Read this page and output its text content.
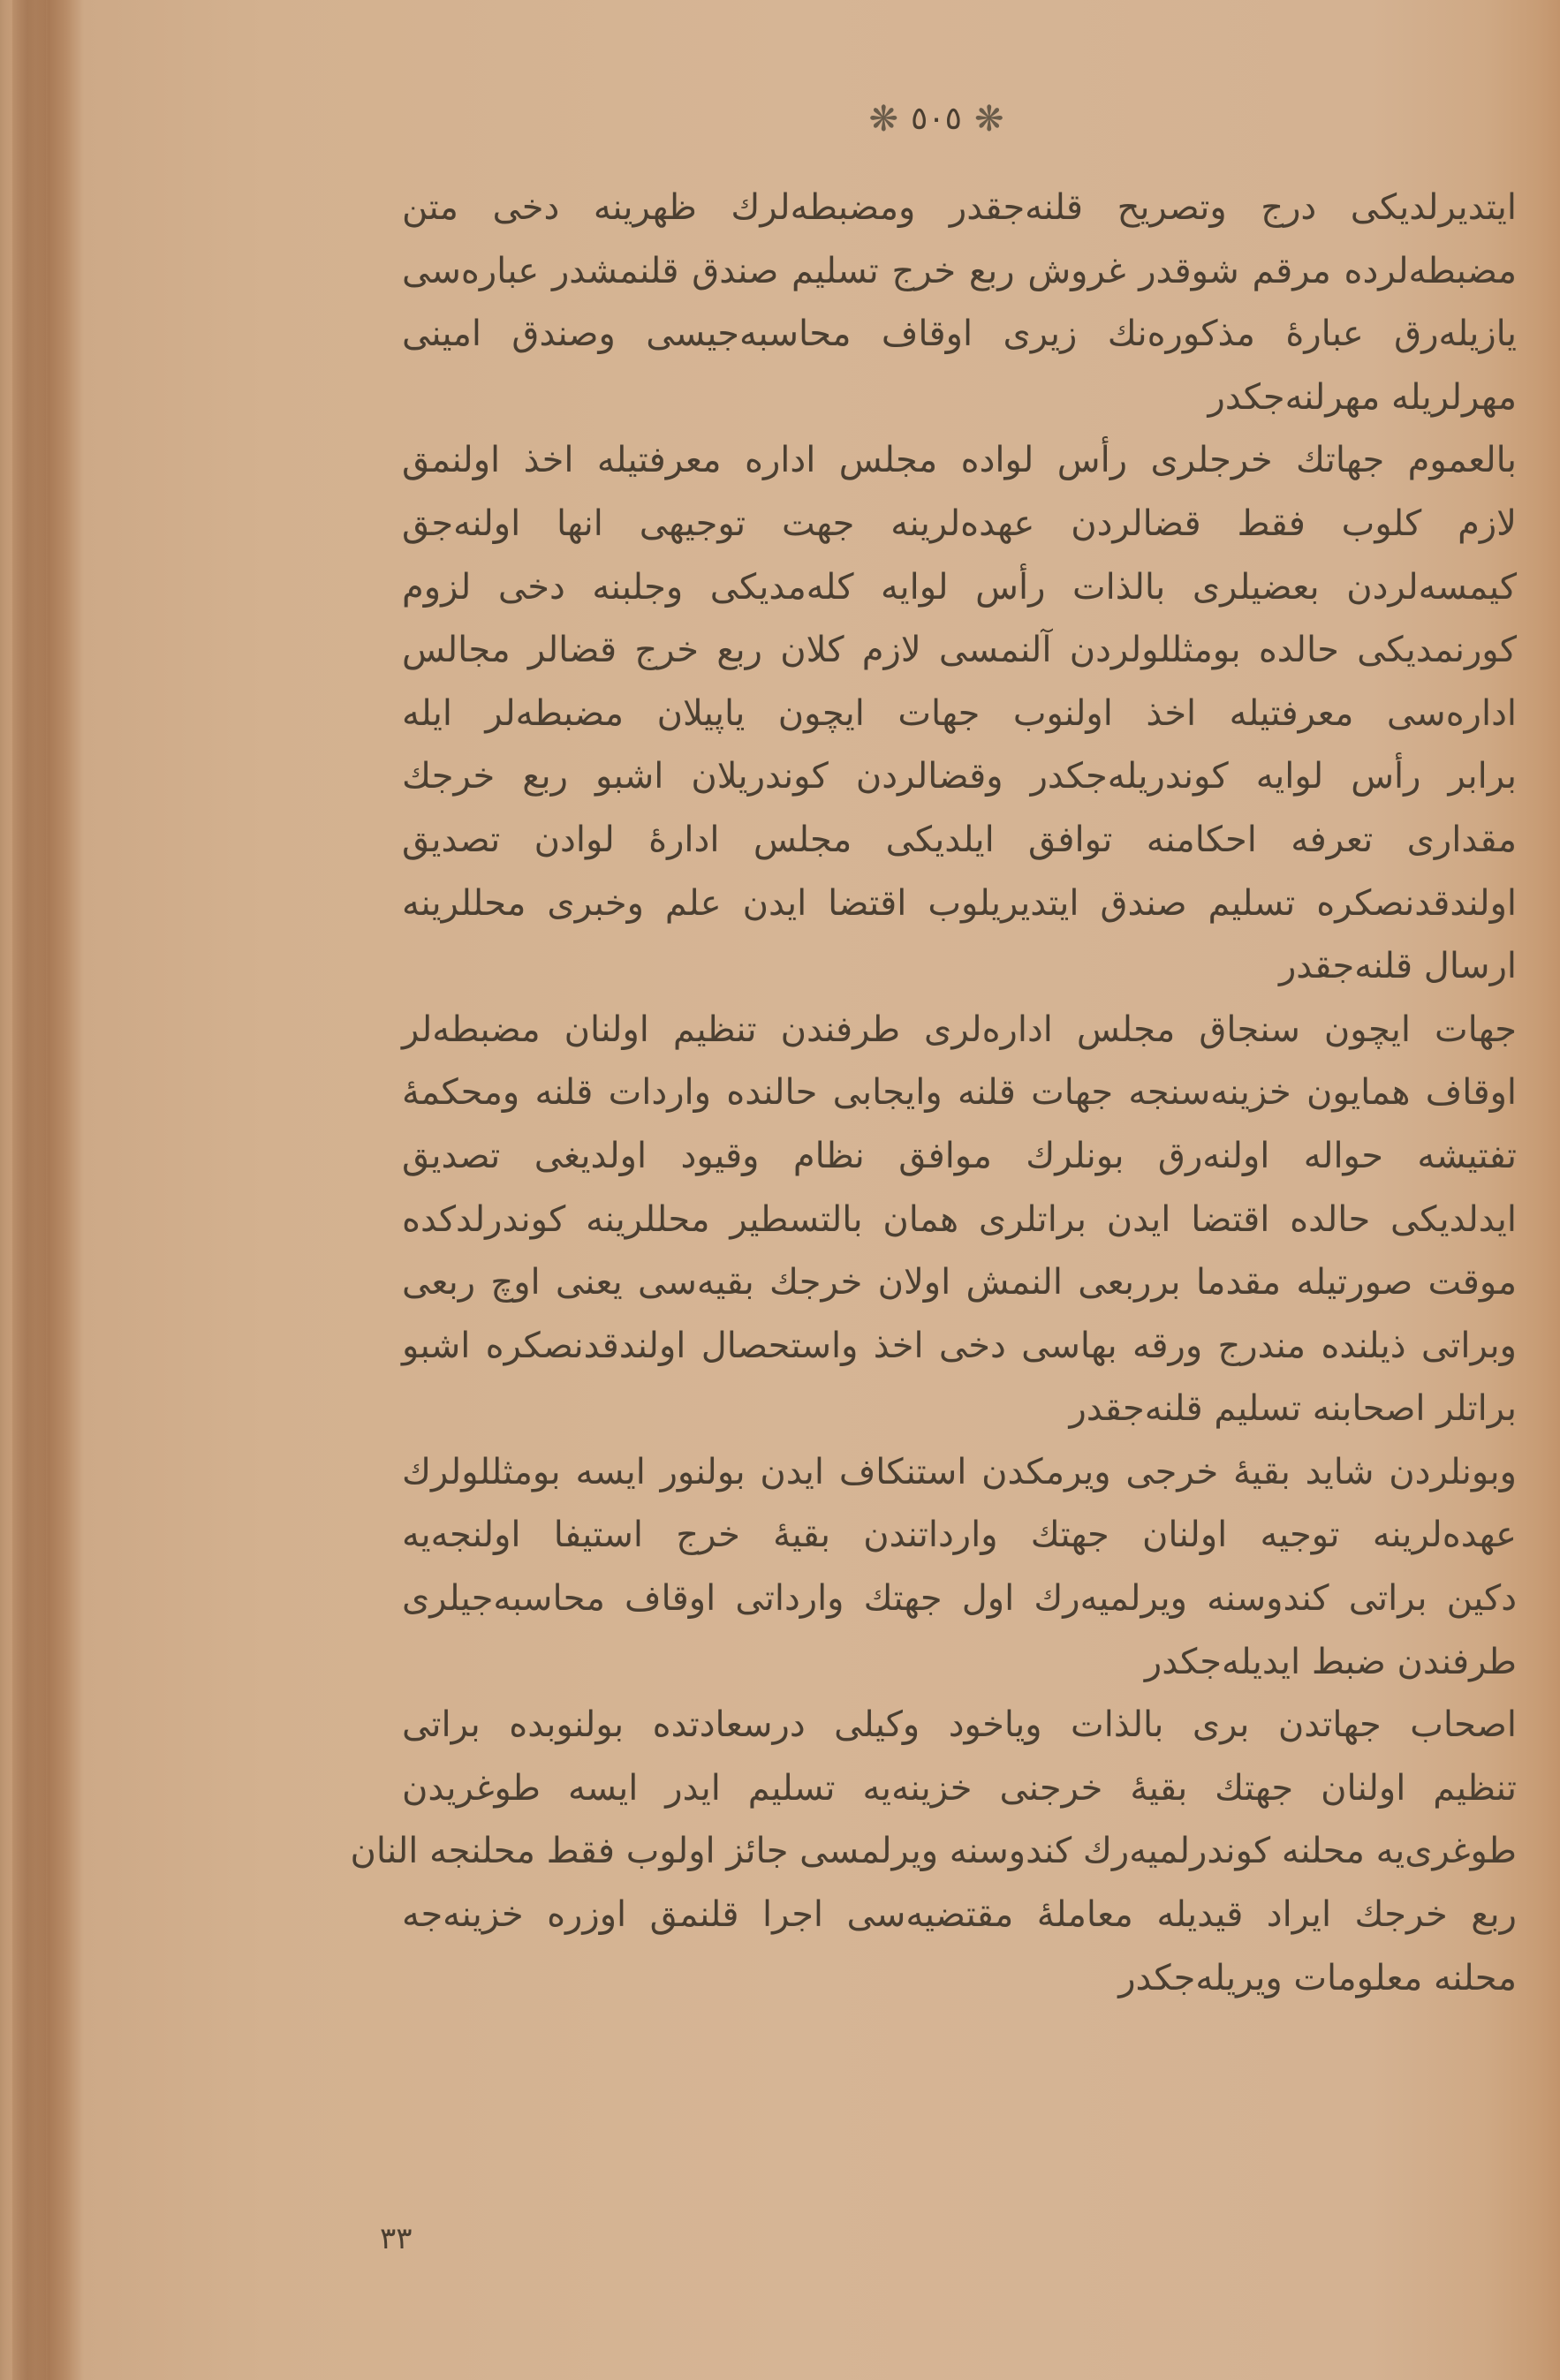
❋
٥٠٥
❋
ایتدیرلدیکی درج وتصریح قلنه‌جقدر ومضبطه‌لرك ظهرینه دخی متن
مضبطه‌لرده مرقم شوقدر غروش ربع خرج تسلیم صندق قلنمشدر عباره‌سی
یازیله‌رق عبارهٔ مذکوره‌نك زیری اوقاف محاسبه‌جیسی وصندق امینی
مهرلریله مهرلنه‌جکدر
بالعموم جهاتك خرجلری رأس لواده مجلس اداره معرفتیله اخذ اولنمق
لازم کلوب فقط قضالردن عهده‌لرینه جهت توجیهی انها اولنه‌جق
کیمسه‌لردن بعضیلری بالذات رأس لوایه کله‌مدیکی وجلبنه دخی لزوم
کورنمدیکی حالده بومثللولردن آلنمسی لازم کلان ربع خرج قضالر مجالس
اداره‌سی معرفتیله اخذ اولنوب جهات ایچون یاپیلان مضبطه‌لر ایله
برابر رأس لوایه کوندریله‌جکدر وقضالردن کوندریلان اشبو ربع خرجك
مقداری تعرفه احکامنه توافق ایلدیکی مجلس ادارهٔ لوادن تصدیق
اولندقدنصکره تسلیم صندق ایتدیریلوب اقتضا ایدن علم وخبری محللرینه
ارسال قلنه‌جقدر
جهات ایچون سنجاق مجلس اداره‌لری طرفندن تنظیم اولنان مضبطه‌لر
اوقاف همایون خزینه‌سنجه جهات قلنه وایجابی حالنده واردات قلنه ومحکمهٔ
تفتیشه حواله اولنه‌رق بونلرك موافق نظام وقیود اولدیغی تصدیق
ایدلدیکی حالده اقتضا ایدن براتلری همان بالتسطیر محللرینه کوندرلدکده
موقت صورتیله مقدما برربعی النمش اولان خرجك بقیه‌سی یعنی اوچ ربعی
وبراتی ذیلنده مندرج ورقه بهاسی دخی اخذ واستحصال اولندقدنصکره اشبو
براتلر اصحابنه تسلیم قلنه‌جقدر
وبونلردن شاید بقیهٔ خرجی ویرمکدن استنکاف ایدن بولنور ایسه بومثللولرك
عهده‌لرینه توجیه اولنان جهتك وارداتندن بقیهٔ خرج استیفا اولنجه‌یه
دکین براتی کندوسنه ویرلمیه‌رك اول جهتك وارداتی اوقاف محاسبه‌جیلری
طرفندن ضبط ایدیله‌جکدر
اصحاب جهاتدن بری بالذات ویاخود وکیلی درسعادتده بولنوبده براتی
تنظیم اولنان جهتك بقیهٔ خرجنی خزینه‌یه تسلیم ایدر ایسه طوغریدن
طوغری‌یه محلنه کوندرلمیه‌رك کندوسنه ویرلمسی جائز اولوب فقط محلنجه النان
ربع خرجك ایراد قیدیله معاملهٔ مقتضیه‌سی اجرا قلنمق اوزره خزینه‌جه
محلنه معلومات ویریله‌جکدر
٣٣
